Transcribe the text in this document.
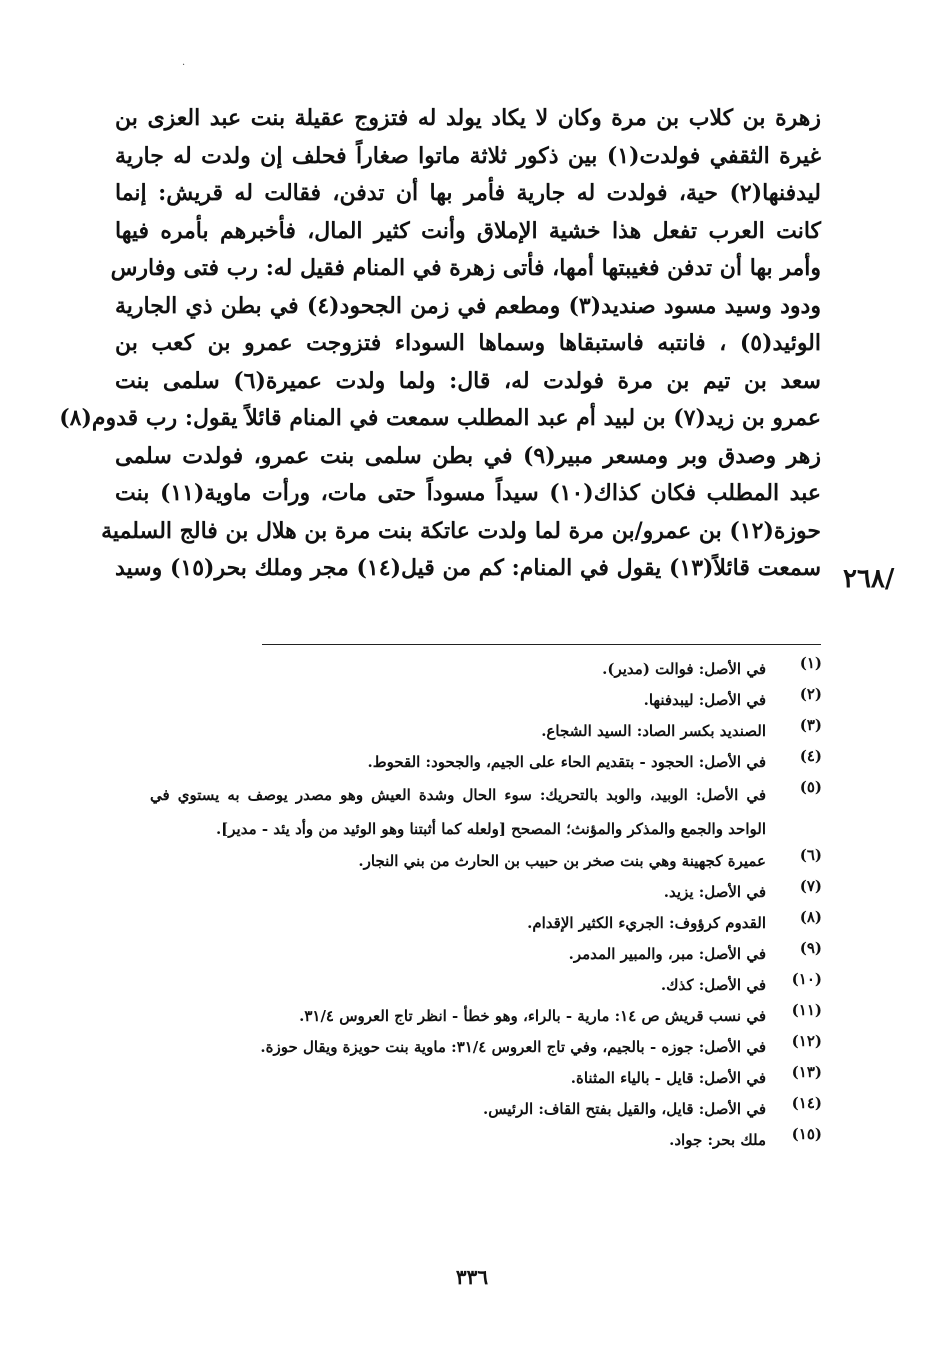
·
زهرة بن كلاب بن مرة وكان لا يكاد يولد له فتزوج عقيلة بنت عبد العزى بن
غيرة الثقفي فولدت(١) بين ذكور ثلاثة ماتوا صغاراً فحلف إن ولدت له جارية
ليدفنها(٢) حية، فولدت له جارية فأمر بها أن تدفن، فقالت له قريش: إنما
كانت العرب تفعل هذا خشية الإملاق وأنت كثير المال، فأخبرهم بأمره فيها
وأمر بها أن تدفن فغيبتها أمها، فأتى زهرة في المنام فقيل له: رب فتى وفارس
ودود وسيد مسود صنديد(٣) ومطعم في زمن الجحود(٤) في بطن ذي الجارية
الوئيد(٥) ، فانتبه فاستبقاها وسماها السوداء فتزوجت عمرو بن كعب بن
سعد بن تيم بن مرة فولدت له، قال: ولما ولدت عميرة(٦) سلمى بنت
عمرو بن زيد(٧) بن لبيد أم عبد المطلب سمعت في المنام قائلاً يقول: رب قدوم(٨)
زهر وصدق وبر ومسعر مبير(٩) في بطن سلمى بنت عمرو، فولدت سلمى
عبد المطلب فكان كذاك(١٠) سيداً مسوداً حتى مات، ورأت ماوية(١١) بنت
حوزة(١٢) بن عمرو/بن مرة لما ولدت عاتكة بنت مرة بن هلال بن فالج السلمية
سمعت قائلاً(١٣) يقول في المنام: كم من قيل(١٤) مجر وملك بحر(١٥) وسيد ٢٦٨/
(١)
في الأصل: فوالت (مدير).
(٢)
في الأصل: ليبدفنها.
(٣)
الصنديد بكسر الصاد: السيد الشجاع.
(٤)
في الأصل: الحجود - بتقديم الحاء على الجيم، والجحود: القحوط.
(٥)
في الأصل: الوبيد، والوبد بالتحريك: سوء الحال وشدة العيش وهو مصدر يوصف به يستوي في الواحد والجمع والمذكر والمؤنث؛ المصحح [ولعله كما أثبتنا وهو الوئيد من وأد يئد - مدير].
(٦)
عميرة كجهينة وهي بنت صخر بن حبيب بن الحارث من بني النجار.
(٧)
في الأصل: يزيد.
(٨)
القدوم كرؤوف: الجريء الكثير الإقدام.
(٩)
في الأصل: مبر، والمبير المدمر.
(١٠)
في الأصل: كذك.
(١١)
في نسب قريش ص ١٤: مارية - بالراء، وهو خطأ - انظر تاج العروس ٣١/٤.
(١٢)
في الأصل: جوزه - بالجيم، وفي تاج العروس ٣١/٤: ماوية بنت حويزة ويقال حوزة.
(١٣)
في الأصل: قايل - بالياء المثناة.
(١٤)
في الأصل: قايل، والقيل بفتح القاف: الرئيس.
(١٥)
ملك بحر: جواد.
٣٣٦
